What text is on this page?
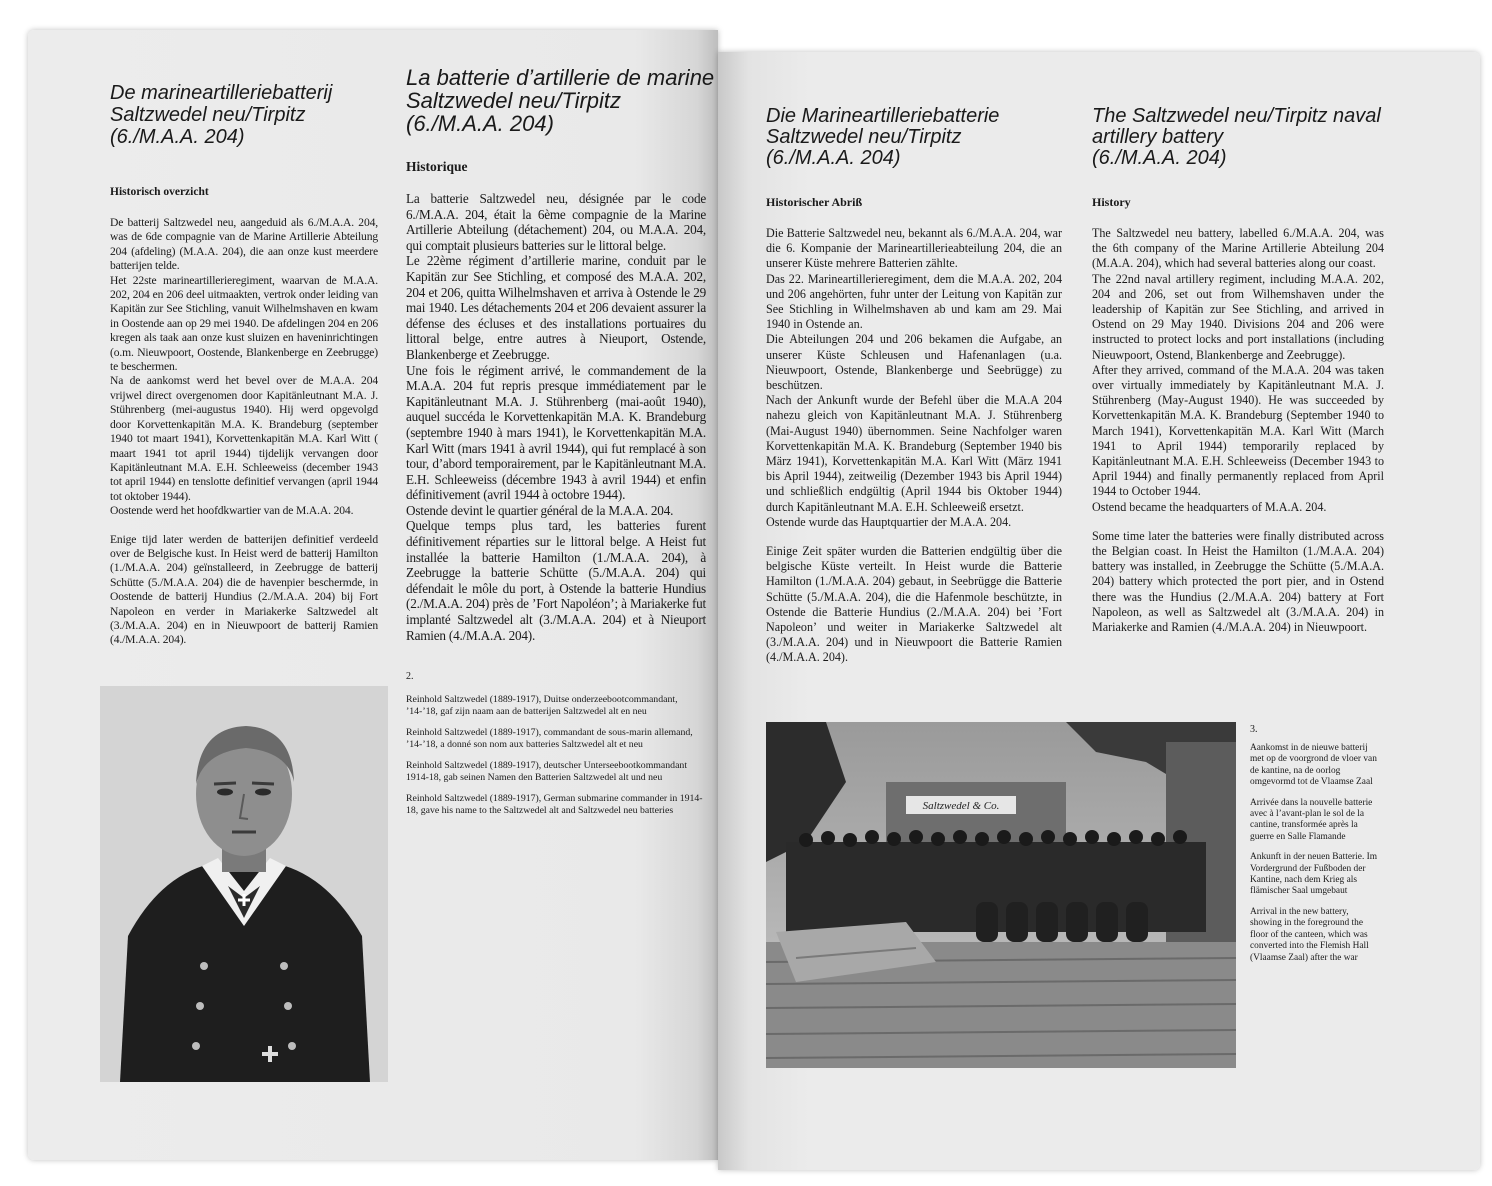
De marineartilleriebatterij
Saltzwedel neu/Tirpitz
(6./M.A.A. 204)
Historisch overzicht

De batterij Saltzwedel neu, aangeduid als 6./M.A.A. 204, was de 6de compagnie van de Marine Artillerie Abteilung 204 (afdeling) (M.A.A. 204), die aan onze kust meerdere batterijen telde.

Het 22ste marineartillerieregiment, waarvan de M.A.A. 202, 204 en 206 deel uitmaakten, vertrok onder leiding van Kapitän zur See Stichling, vanuit Wilhelmshaven en kwam in Oostende aan op 29 mei 1940. De afdelingen 204 en 206 kregen als taak aan onze kust sluizen en haveninrichtingen (o.m. Nieuwpoort, Oostende, Blankenberge en Zeebrugge) te beschermen.

Na de aankomst werd het bevel over de M.A.A. 204 vrijwel direct overgenomen door Kapitänleutnant M.A. J. Stührenberg (mei-augustus 1940). Hij werd opgevolgd door Korvettenkapitän M.A. K. Brandeburg (september 1940 tot maart 1941), Korvettenkapitän M.A. Karl Witt ( maart 1941 tot april 1944) tijdelijk vervangen door Kapitänleutnant M.A. E.H. Schleeweiss (december 1943 tot april 1944) en tenslotte definitief vervangen (april 1944 tot oktober 1944).

Oostende werd het hoofdkwartier van de M.A.A. 204.

Enige tijd later werden de batterijen definitief verdeeld over de Belgische kust. In Heist werd de batterij Hamilton (1./M.A.A. 204) geïnstalleerd, in Zeebrugge de batterij Schütte (5./M.A.A. 204) die de havenpier beschermde, in Oostende de batterij Hundius (2./M.A.A. 204) bij Fort Napoleon en verder in Mariakerke Saltzwedel alt (3./M.A.A. 204) en in Nieuwpoort de batterij Ramien (4./M.A.A. 204).

La batterie d’artillerie de marine
Saltzwedel neu/Tirpitz
(6./M.A.A. 204)
Historique

La batterie Saltzwedel neu, désignée par le code 6./M.A.A. 204, était la 6ème compagnie de la Marine Artillerie Abteilung (détachement) 204, ou M.A.A. 204, qui comptait plusieurs batteries sur le littoral belge.

Le 22ème régiment d’artillerie marine, conduit par le Kapitän zur See Stichling, et composé des M.A.A. 202, 204 et 206, quitta Wilhelmshaven et arriva à Ostende le 29 mai 1940. Les détachements 204 et 206 devaient assurer la défense des écluses et des installations portuaires du littoral belge, entre autres à Nieuport, Ostende, Blankenberge et Zeebrugge.

Une fois le régiment arrivé, le commandement de la M.A.A. 204 fut repris presque immédiatement par le Kapitänleutnant M.A. J. Stührenberg (mai-août 1940), auquel succéda le Korvettenkapitän M.A. K. Brandeburg (septembre 1940 à mars 1941), le Korvettenkapitän M.A. Karl Witt (mars 1941 à avril 1944), qui fut remplacé à son tour, d’abord temporairement, par le Kapitänleutnant M.A. E.H. Schleeweiss (décembre 1943 à avril 1944) et enfin définitivement (avril 1944 à octobre 1944).

Ostende devint le quartier général de la M.A.A. 204.

Quelque temps plus tard, les batteries furent définitivement réparties sur le littoral belge. A Heist fut installée la batterie Hamilton (1./M.A.A. 204), à Zeebrugge la batterie Schütte (5./M.A.A. 204) qui défendait le môle du port, à Ostende la batterie Hundius (2./M.A.A. 204) près de ’Fort Napoléon’; à Mariakerke fut implanté Saltzwedel alt (3./M.A.A. 204) et à Nieuport Ramien (4./M.A.A. 204).

2.

Reinhold Saltzwedel (1889-1917), Duitse onderzeebootcommandant, ’14-’18, gaf zijn naam aan de batterijen Saltzwedel alt en neu

Reinhold Saltzwedel (1889-1917), commandant de sous-marin allemand, ’14-’18, a donné son nom aux batteries Saltzwedel alt et neu

Reinhold Saltzwedel (1889-1917), deutscher Unterseebootkommandant 1914-18, gab seinen Namen den Batterien Saltzwedel alt und neu

Reinhold Saltzwedel (1889-1917), German submarine commander in 1914-18, gave his name to the Saltzwedel alt and Saltzwedel neu batteries

Die Marineartilleriebatterie
Saltzwedel neu/Tirpitz
(6./M.A.A. 204)
Historischer Abriß

Die Batterie Saltzwedel neu, bekannt als 6./M.A.A. 204, war die 6. Kompanie der Marineartillerieabteilung 204, die an unserer Küste mehrere Batterien zählte.

Das 22. Marineartillerieregiment, dem die M.A.A. 202, 204 und 206 angehörten, fuhr unter der Leitung von Kapitän zur See Stichling in Wilhelmshaven ab und kam am 29. Mai 1940 in Ostende an.

Die Abteilungen 204 und 206 bekamen die Aufgabe, an unserer Küste Schleusen und Hafenanlagen (u.a. Nieuwpoort, Ostende, Blankenberge und Seebrügge) zu beschützen.

Nach der Ankunft wurde der Befehl über die M.A.A 204 nahezu gleich von Kapitänleutnant M.A. J. Stührenberg (Mai-August 1940) übernommen. Seine Nachfolger waren Korvettenkapitän M.A. K. Brandeburg (September 1940 bis März 1941), Korvettenkapitän M.A. Karl Witt (März 1941 bis April 1944), zeitweilig (Dezember 1943 bis April 1944) und schließlich endgültig (April 1944 bis Oktober 1944) durch Kapitänleutnant M.A. E.H. Schleeweiß ersetzt.

Ostende wurde das Hauptquartier der M.A.A. 204.

Einige Zeit später wurden die Batterien endgültig über die belgische Küste verteilt. In Heist wurde die Batterie Hamilton (1./M.A.A. 204) gebaut, in Seebrügge die Batterie Schütte (5./M.A.A. 204), die die Hafenmole beschützte, in Ostende die Batterie Hundius (2./M.A.A. 204) bei ’Fort Napoleon’ und weiter in Mariakerke Saltzwedel alt (3./M.A.A. 204) und in Nieuwpoort die Batterie Ramien (4./M.A.A. 204).

The Saltzwedel neu/Tirpitz naval
artillery battery
(6./M.A.A. 204)
History

The Saltzwedel neu battery, labelled 6./M.A.A. 204, was the 6th company of the Marine Artillerie Abteilung 204 (M.A.A. 204), which had several batteries along our coast.

The 22nd naval artillery regiment, including M.A.A. 202, 204 and 206, set out from Wilhemshaven under the leadership of Kapitän zur See Stichling, and arrived in Ostend on 29 May 1940. Divisions 204 and 206 were instructed to protect locks and port installations (including Nieuwpoort, Ostend, Blankenberge and Zeebrugge).

After they arrived, command of the M.A.A. 204 was taken over virtually immediately by Kapitänleutnant M.A. J. Stührenberg (May-August 1940). He was succeeded by Korvettenkapitän M.A. K. Brandeburg (September 1940 to March 1941), Korvettenkapitän M.A. Karl Witt (March 1941 to April 1944) temporarily replaced by Kapitänleutnant M.A. E.H. Schleeweiss (December 1943 to April 1944) and finally permanently replaced from April 1944 to October 1944.

Ostend became the headquarters of M.A.A. 204.

Some time later the batteries were finally distributed across the Belgian coast. In Heist the Hamilton (1./M.A.A. 204) battery was installed, in Zeebrugge the Schütte (5./M.A.A. 204) battery which protected the port pier, and in Ostend there was the Hundius (2./M.A.A. 204) battery at Fort Napoleon, as well as Saltzwedel alt (3./M.A.A. 204) in Mariakerke and Ramien (4./M.A.A. 204) in Nieuwpoort.

Saltzwedel & Co.
3.

Aankomst in de nieuwe batterij met op de voorgrond de vloer van de kantine, na de oorlog omgevormd tot de Vlaamse Zaal

Arrivée dans la nouvelle batterie avec à l’avant-plan le sol de la cantine, transformée après la guerre en Salle Flamande

Ankunft in der neuen Batterie. Im Vordergrund der Fußboden der Kantine, nach dem Krieg als flämischer Saal umgebaut

Arrival in the new battery, showing in the foreground the floor of the canteen, which was converted into the Flemish Hall (Vlaamse Zaal) after the war
